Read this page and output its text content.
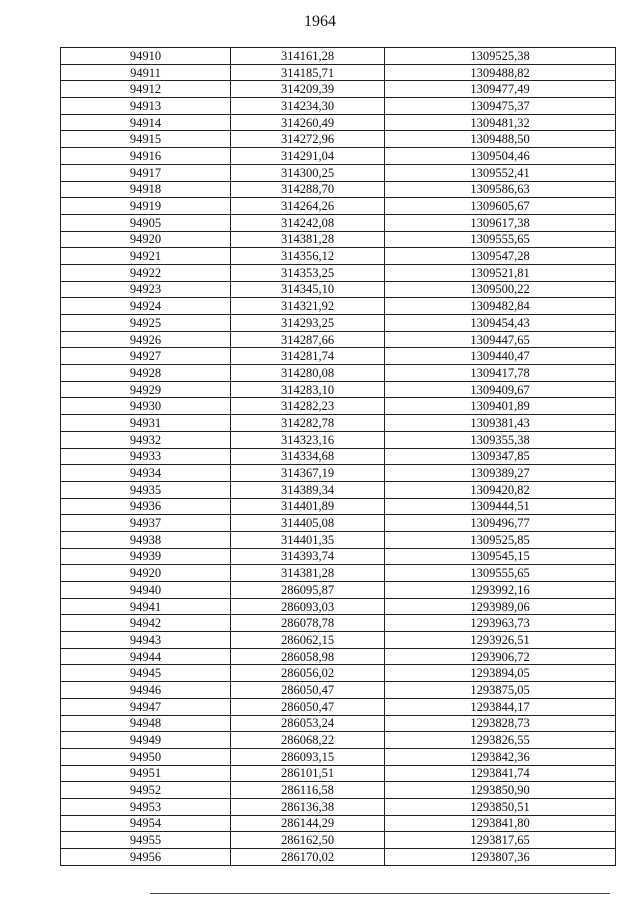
1964
94910	314161,28	1309525,38
94911	314185,71	1309488,82
94912	314209,39	1309477,49
94913	314234,30	1309475,37
94914	314260,49	1309481,32
94915	314272,96	1309488,50
94916	314291,04	1309504,46
94917	314300,25	1309552,41
94918	314288,70	1309586,63
94919	314264,26	1309605,67
94905	314242,08	1309617,38
94920	314381,28	1309555,65
94921	314356,12	1309547,28
94922	314353,25	1309521,81
94923	314345,10	1309500,22
94924	314321,92	1309482,84
94925	314293,25	1309454,43
94926	314287,66	1309447,65
94927	314281,74	1309440,47
94928	314280,08	1309417,78
94929	314283,10	1309409,67
94930	314282,23	1309401,89
94931	314282,78	1309381,43
94932	314323,16	1309355,38
94933	314334,68	1309347,85
94934	314367,19	1309389,27
94935	314389,34	1309420,82
94936	314401,89	1309444,51
94937	314405,08	1309496,77
94938	314401,35	1309525,85
94939	314393,74	1309545,15
94920	314381,28	1309555,65
94940	286095,87	1293992,16
94941	286093,03	1293989,06
94942	286078,78	1293963,73
94943	286062,15	1293926,51
94944	286058,98	1293906,72
94945	286056,02	1293894,05
94946	286050,47	1293875,05
94947	286050,47	1293844,17
94948	286053,24	1293828,73
94949	286068,22	1293826,55
94950	286093,15	1293842,36
94951	286101,51	1293841,74
94952	286116,58	1293850,90
94953	286136,38	1293850,51
94954	286144,29	1293841,80
94955	286162,50	1293817,65
94956	286170,02	1293807,36
